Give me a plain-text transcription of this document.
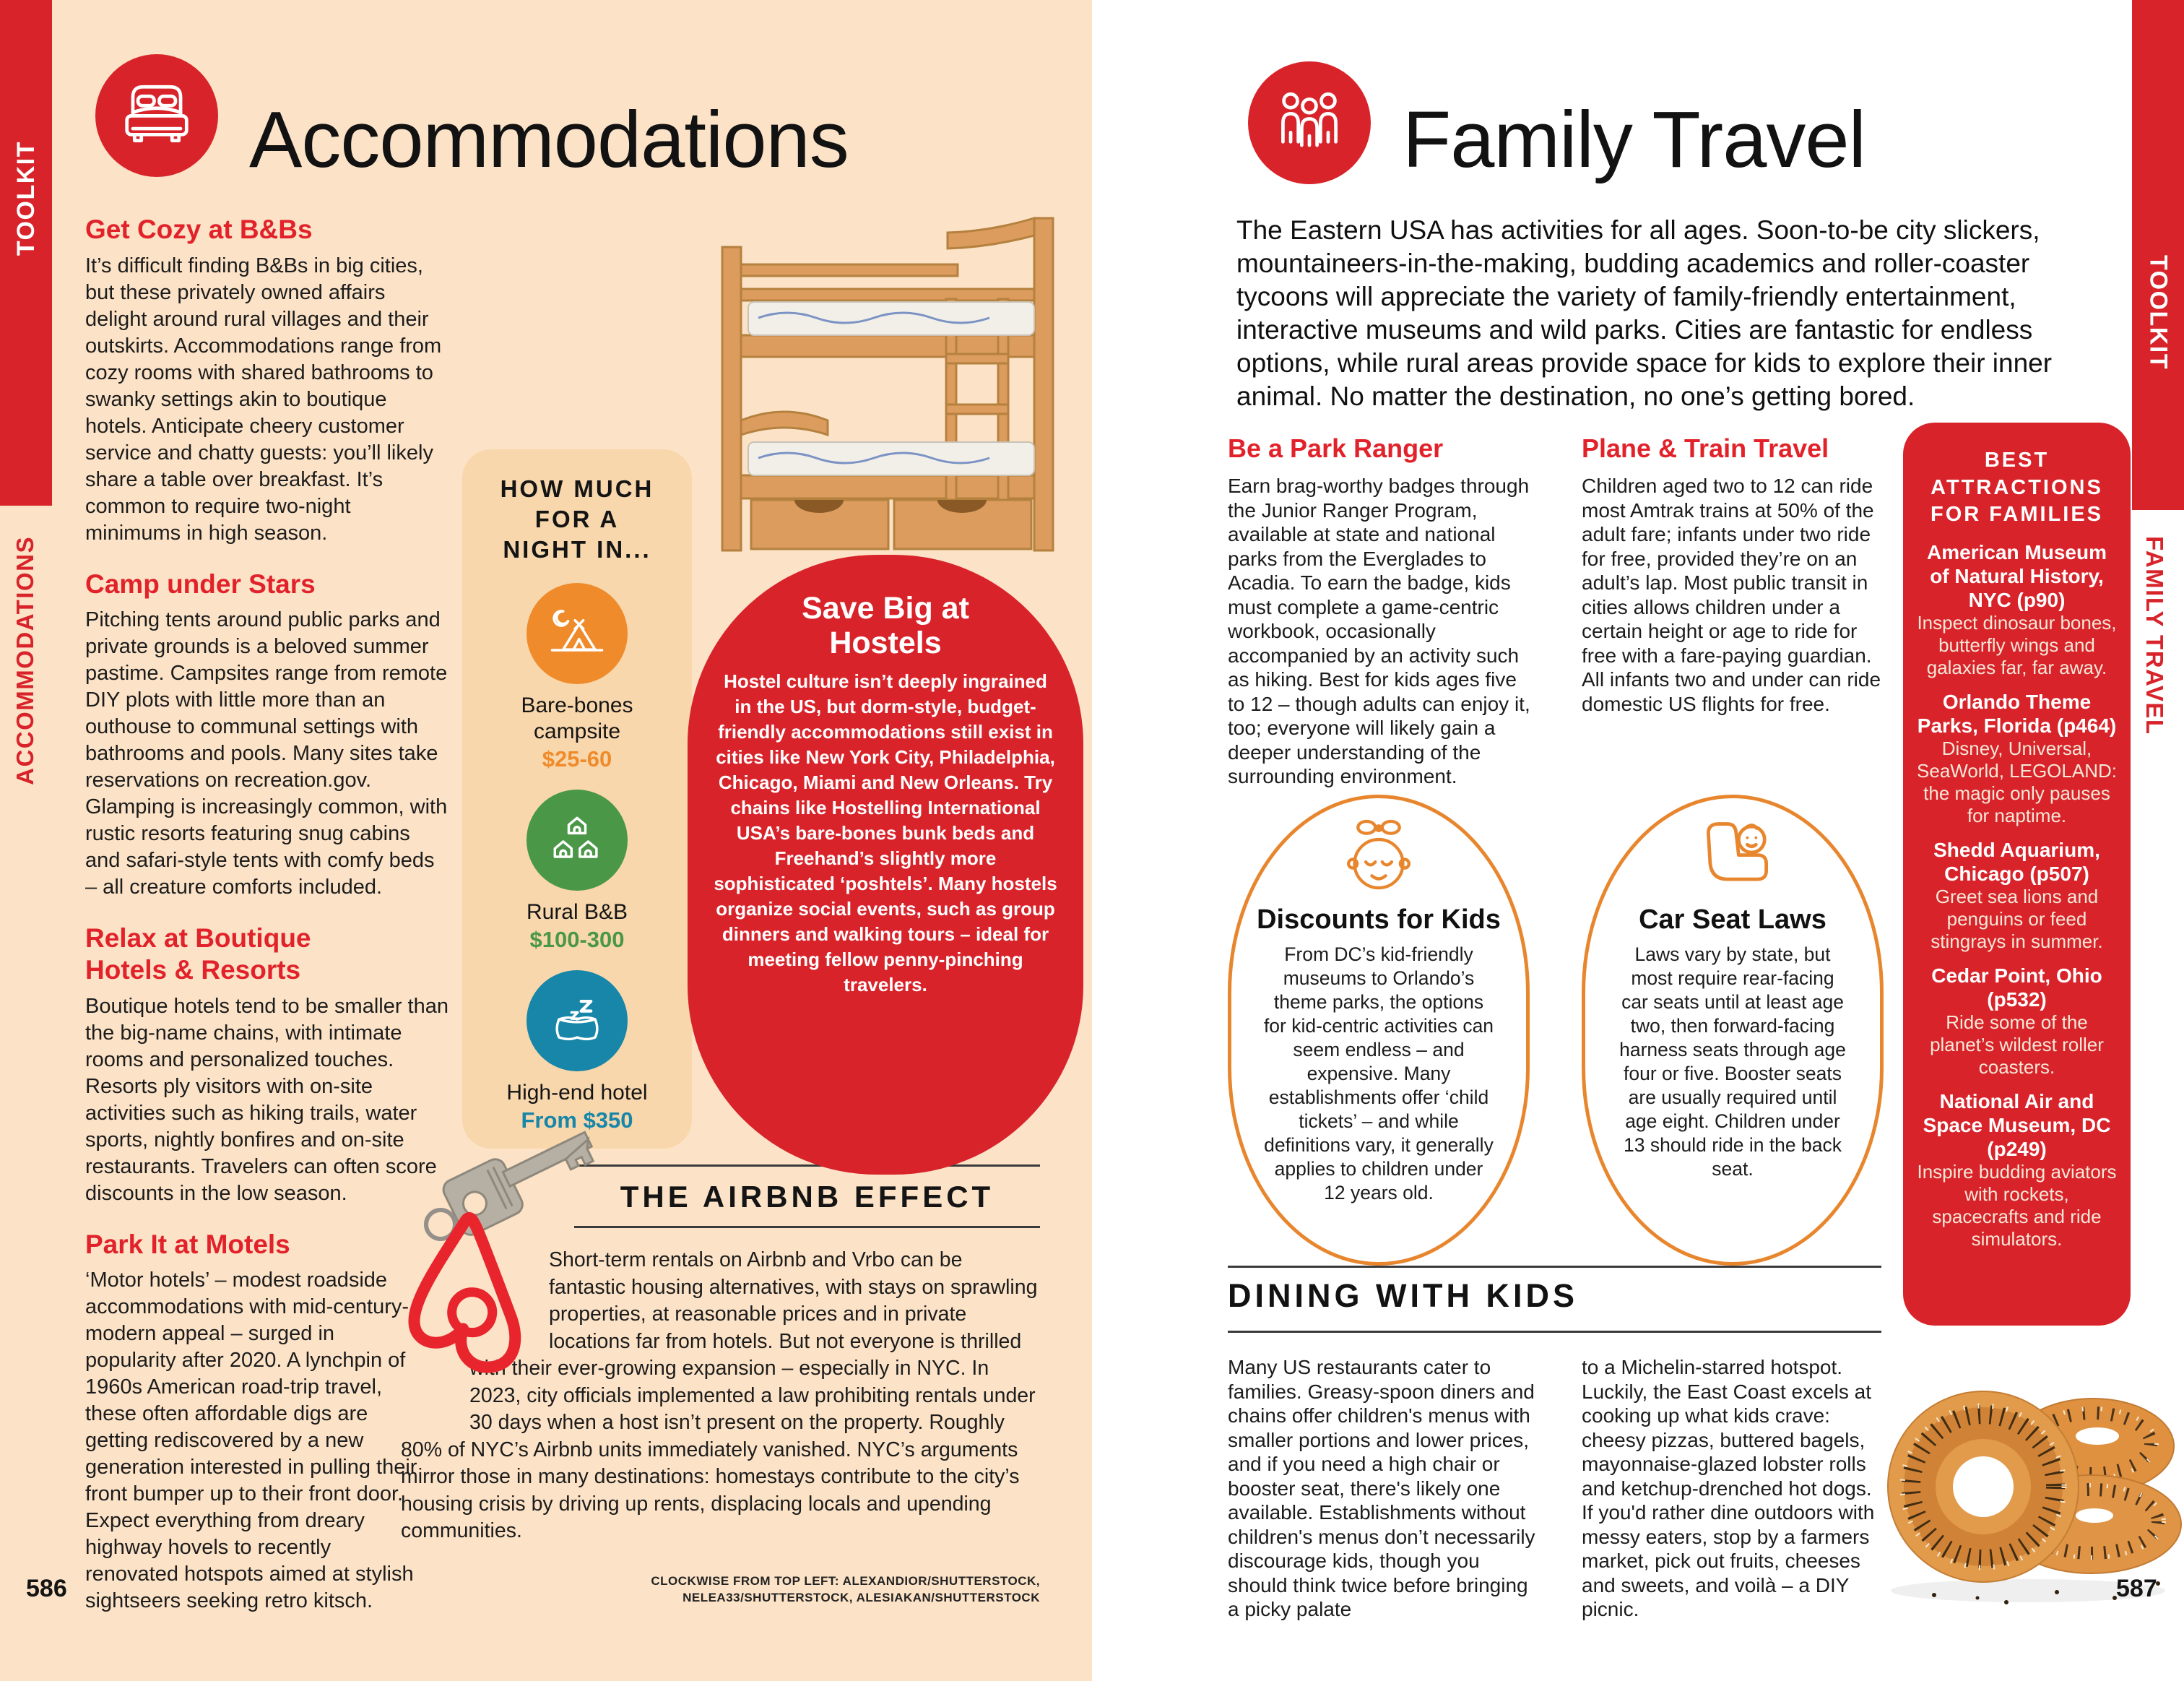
TOOLKIT
ACCOMMODATIONS
Accommodations
Get Cozy at B&Bs

It’s difficult finding B&Bs in big cities, but these privately owned affairs delight around rural villages and their outskirts. Accommodations range from cozy rooms with shared bathrooms to swanky settings akin to boutique hotels. Anticipate cheery customer service and chatty guests: you’ll likely share a table over breakfast. It’s common to require two-night minimums in high season.

Camp under Stars

Pitching tents around public parks and private grounds is a beloved summer pastime. Campsites range from remote DIY plots with little more than an outhouse to communal settings with bathrooms and pools. Many sites take reservations on recreation.gov. Glamping is increasingly common, with rustic resorts featuring snug cabins and safari-style tents with comfy beds – all creature comforts included.

Relax at Boutique Hotels & Resorts

Boutique hotels tend to be smaller than the big-name chains, with intimate rooms and personalized touches. Resorts ply visitors with on-site activities such as hiking trails, water sports, nightly bonfires and on-site restaurants. Travelers can often score discounts in the low season.

Park It at Motels

‘Motor hotels’ – modest roadside accommodations with mid-century-modern appeal – surged in popularity after 2020. A lynchpin of 1960s American road-trip travel, these often affordable digs are getting rediscovered by a new generation interested in pulling their front bumper up to their front door. Expect everything from dreary highway hovels to recently renovated hotspots aimed at stylish sightseers seeking retro kitsch.

HOW MUCH FOR A NIGHT IN...
Bare-bones campsite
$25-60
Rural B&B
$100-300
High-end hotel
From $350
Save Big at Hostels
Hostel culture isn’t deeply ingrained in the US, but dorm-style, budget-friendly accommodations still exist in cities like New York City, Philadelphia, Chicago, Miami and New Orleans. Try chains like Hostelling International USA’s bare-bones bunk beds and Freehand’s slightly more sophisticated ‘poshtels’. Many hostels organize social events, such as group dinners and walking tours – ideal for meeting fellow penny-pinching travelers.
THE AIRBNB EFFECT
Short-term rentals on Airbnb and Vrbo can be fantastic housing alternatives, with stays on sprawling properties, at reasonable prices and in private locations far from hotels. But not everyone is thrilled with their ever-growing expansion – especially in NYC. In 2023, city officials implemented a law prohibiting rentals under 30 days when a host isn’t present on the property. Roughly 80% of NYC’s Airbnb units immediately vanished. NYC’s arguments mirror those in many destinations: homestays contribute to the city’s housing crisis by driving up rents, displacing locals and upending communities.
CLOCKWISE FROM TOP LEFT: ALEXANDIOR/SHUTTERSTOCK, NELEA33/SHUTTERSTOCK, ALESIAKAN/SHUTTERSTOCK
586
TOOLKIT
FAMILY TRAVEL
Family Travel
The Eastern USA has activities for all ages. Soon-to-be city slickers, mountaineers-in-the-making, budding academics and roller-coaster tycoons will appreciate the variety of family-friendly entertainment, interactive museums and wild parks. Cities are fantastic for endless options, while rural areas provide space for kids to explore their inner animal. No matter the destination, no one’s getting bored.
Be a Park Ranger

Earn brag-worthy badges through the Junior Ranger Program, available at state and national parks from the Everglades to Acadia. To earn the badge, kids must complete a game-centric workbook, occasionally accompanied by an activity such as hiking. Best for kids ages five to 12 – though adults can enjoy it, too; everyone will likely gain a deeper understanding of the surrounding environment.

Plane & Train Travel

Children aged two to 12 can ride most Amtrak trains at 50% of the adult fare; infants under two ride for free, provided they’re on an adult’s lap. Most public transit in cities allows children under a certain height or age to ride for free with a fare-paying guardian. All infants two and under can ride domestic US flights for free.

Discounts for Kids

From DC’s kid-friendly museums to Orlando’s theme parks, the options for kid-centric activities can seem endless – and expensive. Many establishments offer ‘child tickets’ – and while definitions vary, it generally applies to children under 12 years old.

Car Seat Laws

Laws vary by state, but most require rear-facing car seats until at least age two, then forward-facing harness seats through age four or five. Booster seats are usually required until age eight. Children under 13 should ride in the back seat.

BEST ATTRACTIONS FOR FAMILIES
American Museum of Natural History, NYC (p90)
Inspect dinosaur bones, butterfly wings and galaxies far, far away.
Orlando Theme Parks, Florida (p464)
Disney, Universal, SeaWorld, LEGOLAND: the magic only pauses for naptime.
Shedd Aquarium, Chicago (p507)
Greet sea lions and penguins or feed stingrays in summer.
Cedar Point, Ohio (p532)
Ride some of the planet’s wildest roller coasters.
National Air and Space Museum, DC (p249)
Inspire budding aviators with rockets, spacecrafts and ride simulators.
DINING WITH KIDS
Many US restaurants cater to families. Greasy-spoon diners and chains offer children's menus with smaller portions and lower prices, and if you need a high chair or booster seat, there's likely one available. Establishments without children's menus don’t necessarily discourage kids, though you should think twice before bringing a picky palate
to a Michelin-starred hotspot. Luckily, the East Coast excels at cooking up what kids crave: cheesy pizzas, buttered bagels, mayonnaise-glazed lobster rolls and ketchup-drenched hot dogs. If you'd rather dine outdoors with messy eaters, stop by a farmers market, pick out fruits, cheeses and sweets, and voilà – a DIY picnic.
587
